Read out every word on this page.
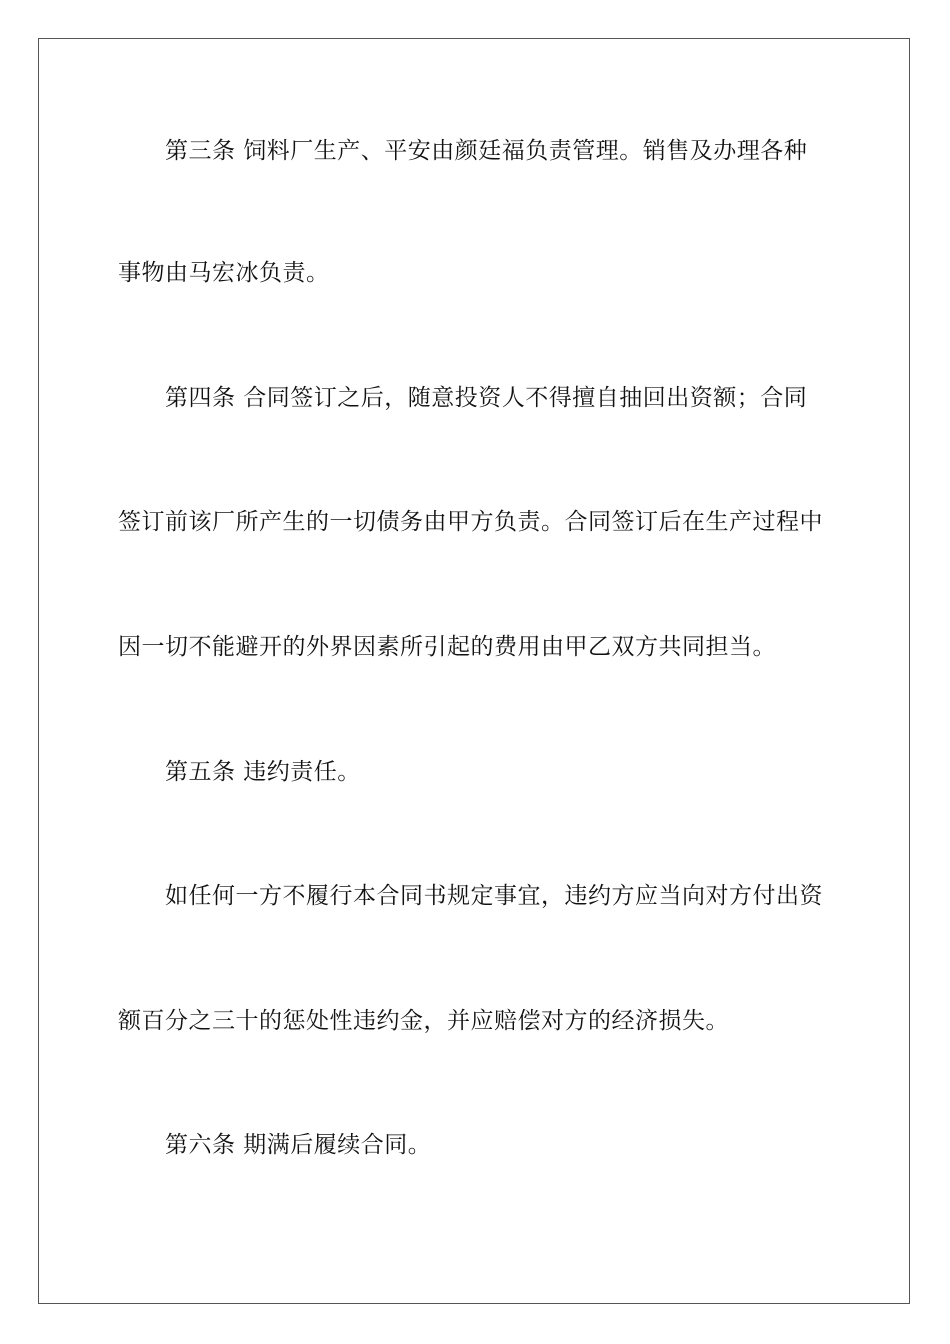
第三条 饲料厂生产、平安由颜廷福负责管理。销售及办理各种
事物由马宏冰负责。
第四条 合同签订之后，随意投资人不得擅自抽回出资额；合同
签订前该厂所产生的一切债务由甲方负责。合同签订后在生产过程中
因一切不能避开的外界因素所引起的费用由甲乙双方共同担当。
第五条 违约责任。
如任何一方不履行本合同书规定事宜，违约方应当向对方付出资
额百分之三十的惩处性违约金，并应赔偿对方的经济损失。
第六条 期满后履续合同。
